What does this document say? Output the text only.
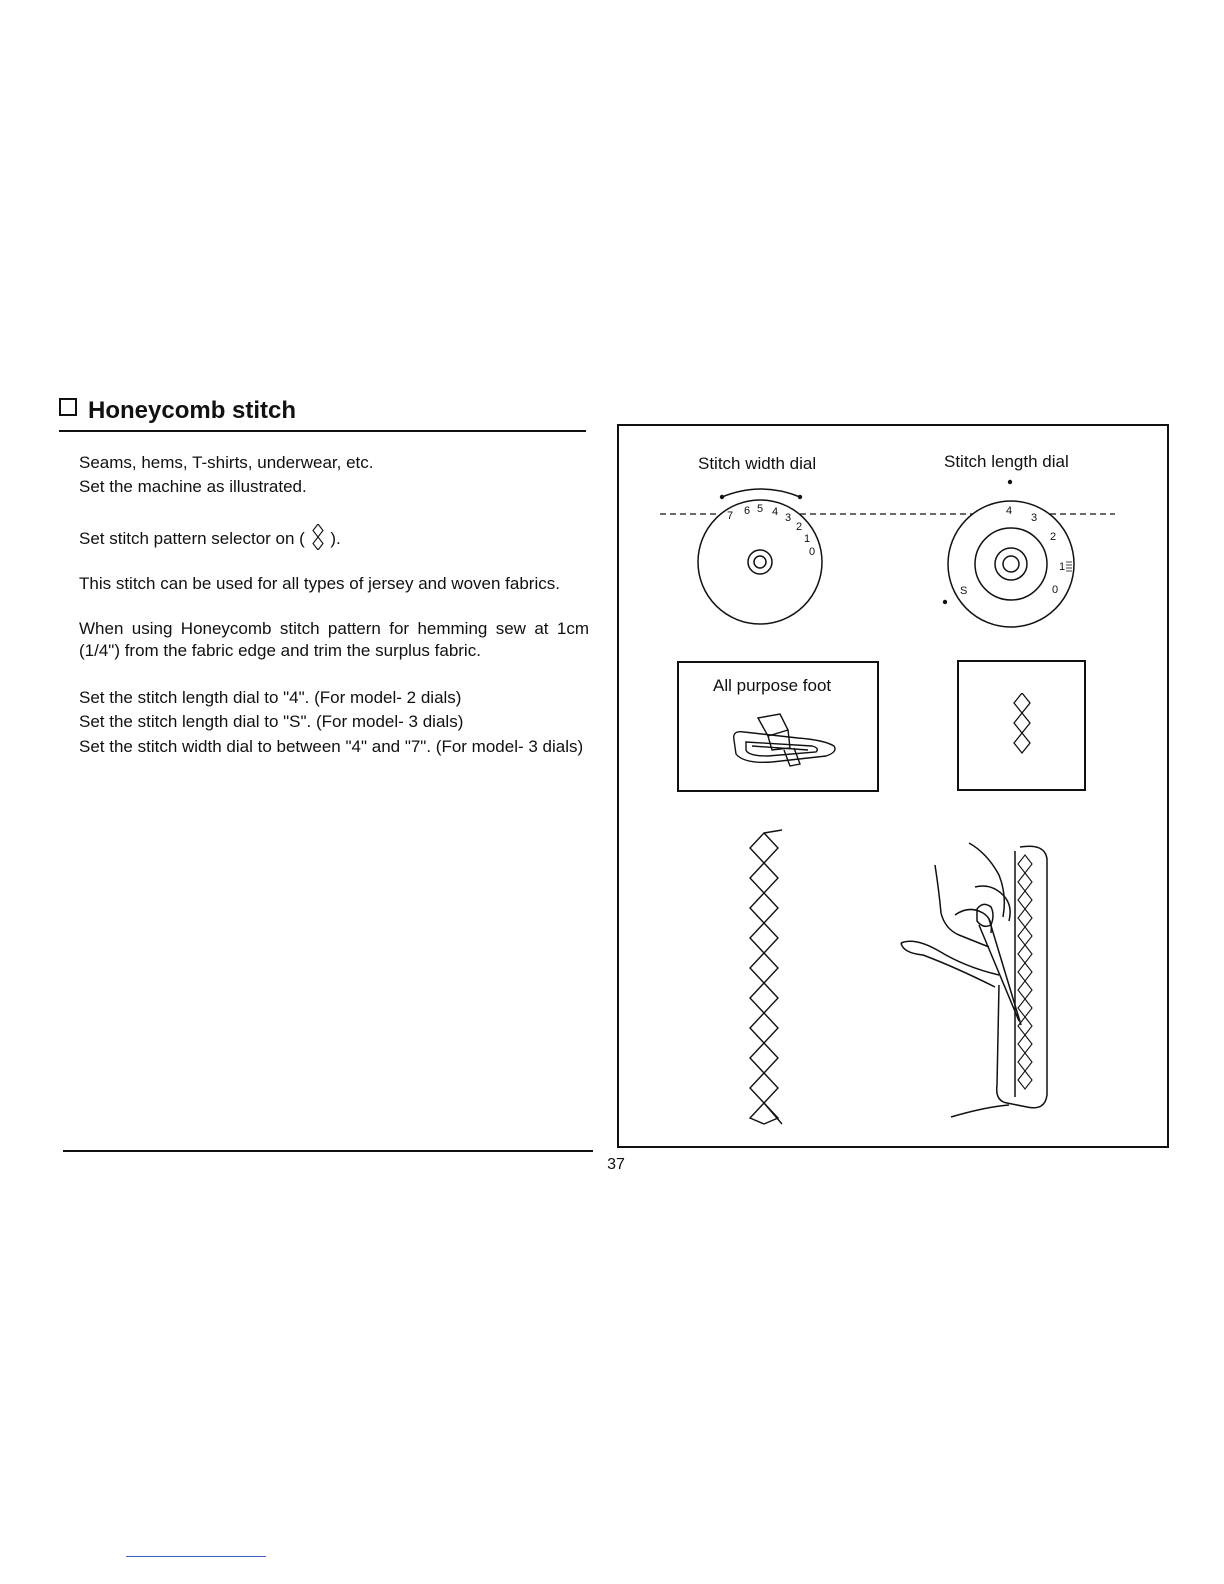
Honeycomb stitch
Seams, hems, T-shirts, underwear, etc.
Set the machine as illustrated.
Set stitch pattern selector on ( ).
This stitch can be used for all types of jersey and woven fabrics.
When using Honeycomb stitch pattern for hemming sew at 1cm (1/4") from the fabric edge and trim the surplus fabric.
Set the stitch length dial to "4". (For model- 2 dials)
Set the stitch length dial to "S". (For model- 3 dials)
Set the stitch width dial to between "4" and "7". (For model- 3 dials)
Stitch width dial	Stitch length dial
7 6 5 4 3
2
1
0
4
3
2
1
0
S
All purpose foot
37
